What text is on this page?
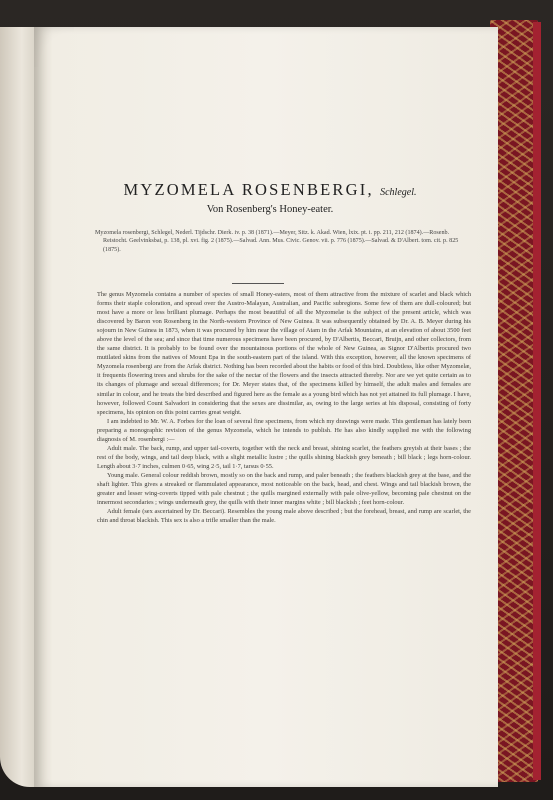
MYZOMELA ROSENBERGI, Schlegel.
Von Rosenberg's Honey-eater.

Myzomela rosenbergi, Schlegel, Nederl. Tijdschr. Dierk. iv. p. 38 (1871).—Meyer, Sitz. k. Akad. Wien, lxix. pt. i. pp. 211, 212 (1874).—Rosenb. Reistocht. Geelvinksbai, p. 138, pl. xvi. fig. 2 (1875).—Salvad. Ann. Mus. Civic. Genov. vii. p. 776 (1875).—Salvad. & D'Albert. tom. cit. p. 825 (1875).

The genus Myzomela contains a number of species of small Honey-eaters, most of them attractive from the mixture of scarlet and black which forms their staple coloration, and spread over the Austro-Malayan, Australian, and Pacific subregions. Some few of them are dull-coloured; but most have a more or less brilliant plumage. Perhaps the most beautiful of all the Myzomelæ is the subject of the present article, which was discovered by Baron von Rosenberg in the North-western Province of New Guinea. It was subsequently obtained by Dr. A. B. Meyer during his sojourn in New Guinea in 1873, when it was procured by him near the village of Atam in the Arfak Mountains, at an elevation of about 3500 feet above the level of the sea; and since that time numerous specimens have been procured, by D'Albertis, Beccari, Bruijn, and other collectors, from the same district. It is probably to be found over the mountainous portions of the whole of New Guinea, as Signor D'Albertis procured two mutilated skins from the natives of Mount Epa in the south-eastern part of the island. With this exception, however, all the known specimens of Myzomela rosenbergi are from the Arfak district. Nothing has been recorded about the habits or food of this bird. Doubtless, like other Myzomelæ, it frequents flowering trees and shrubs for the sake of the nectar of the flowers and the insects attracted thereby. Nor are we yet quite certain as to its changes of plumage and sexual differences; for Dr. Meyer states that, of the specimens killed by himself, the adult males and females are similar in colour, and he treats the bird described and figured here as the female as a young bird which has not yet attained its full plumage. I have, however, followed Count Salvadori in considering that the sexes are dissimilar, as, owing to the large series at his disposal, consisting of forty specimens, his opinion on this point carries great weight.

I am indebted to Mr. W. A. Forbes for the loan of several fine specimens, from which my drawings were made. This gentleman has lately been preparing a monographic revision of the genus Myzomela, which he intends to publish. He has also kindly supplied me with the following diagnosis of M. rosenbergi :—

Adult male. The back, rump, and upper tail-coverts, together with the neck and breast, shining scarlet, the feathers greyish at their bases ; the rest of the body, wings, and tail deep black, with a slight metallic lustre ; the quills shining blackish grey beneath ; bill black ; legs horn-colour. Length about 3·7 inches, culmen 0·65, wing 2·5, tail 1·7, tarsus 0·55.

Young male. General colour reddish brown, mostly so on the back and rump, and paler beneath ; the feathers blackish grey at the base, and the shaft lighter. This gives a streaked or flammulated appearance, most noticeable on the back, head, and chest. Wings and tail blackish brown, the greater and lesser wing-coverts tipped with pale chestnut ; the quills margined externally with pale olive-yellow, becoming pale chestnut on the innermost secondaries ; wings underneath grey, the quills with their inner margins white ; bill blackish ; feet horn-colour.

Adult female (sex ascertained by Dr. Beccari). Resembles the young male above described ; but the forehead, breast, and rump are scarlet, the chin and throat blackish. This sex is also a trifle smaller than the male.
